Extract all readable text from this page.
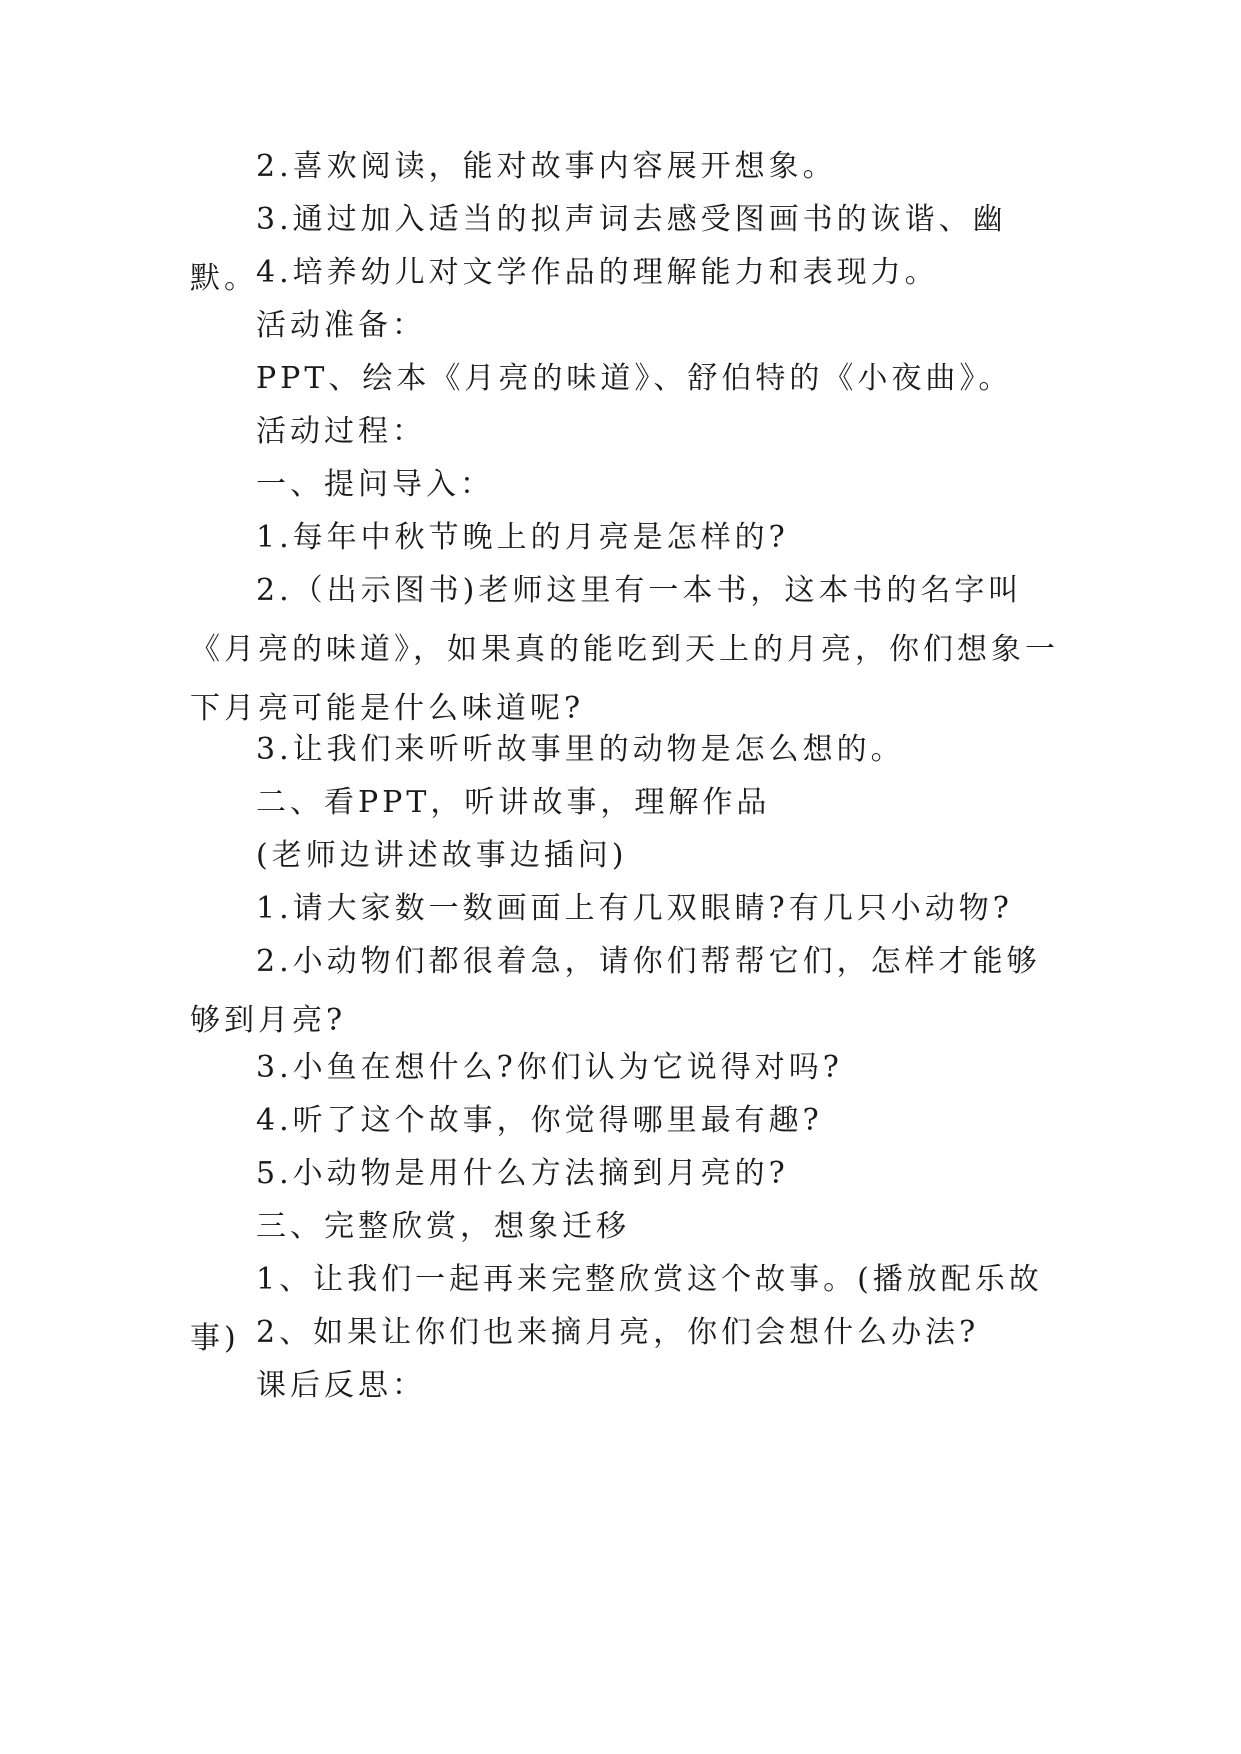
2.喜欢阅读，能对故事内容展开想象。

3.通过加入适当的拟声词去感受图画书的诙谐、幽默。

4.培养幼儿对文学作品的理解能力和表现力。

活动准备：

PPT、绘本《月亮的味道》、舒伯特的《小夜曲》。

活动过程：

一、提问导入：

1.每年中秋节晚上的月亮是怎样的?

2.（出示图书)老师这里有一本书，这本书的名字叫《月亮的味道》，如果真的能吃到天上的月亮，你们想象一下月亮可能是什么味道呢?

3.让我们来听听故事里的动物是怎么想的。

二、看PPT，听讲故事，理解作品

(老师边讲述故事边插问)

1.请大家数一数画面上有几双眼睛?有几只小动物?

2.小动物们都很着急，请你们帮帮它们，怎样才能够够到月亮?

3.小鱼在想什么?你们认为它说得对吗?

4.听了这个故事，你觉得哪里最有趣?

5.小动物是用什么方法摘到月亮的?

三、完整欣赏，想象迁移

1、让我们一起再来完整欣赏这个故事。(播放配乐故事) 2、如果让你们也来摘月亮，你们会想什么办法?

课后反思：
